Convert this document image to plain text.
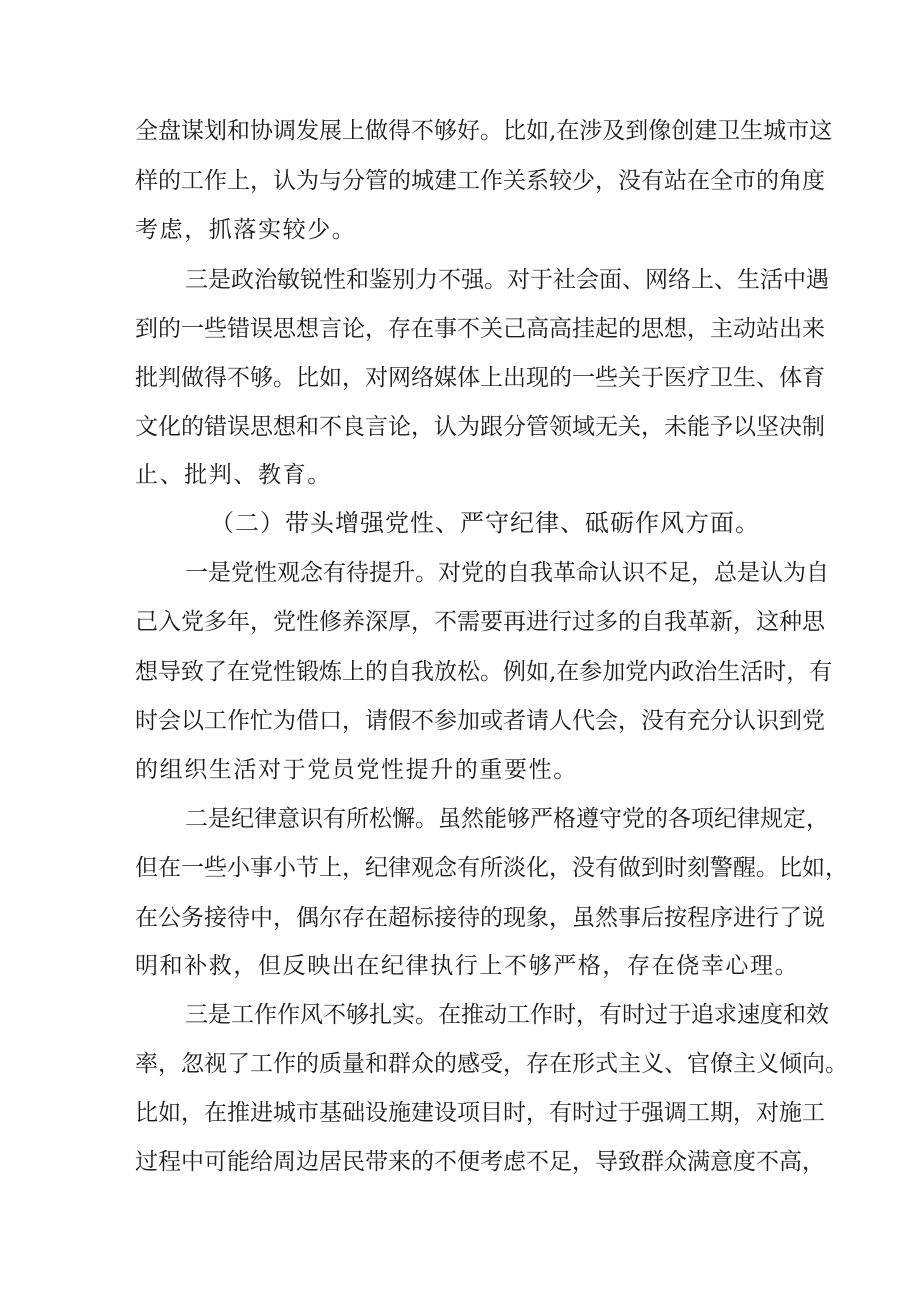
全盘谋划和协调发展上做得不够好。比如,在涉及到像创建卫生城市这
样的工作上，认为与分管的城建工作关系较少，没有站在全市的角度
考虑，抓落实较少。
三是政治敏锐性和鉴别力不强。对于社会面、网络上、生活中遇
到的一些错误思想言论，存在事不关己高高挂起的思想，主动站出来
批判做得不够。比如，对网络媒体上出现的一些关于医疗卫生、体育
文化的错误思想和不良言论，认为跟分管领域无关，未能予以坚决制
止、批判、教育。
（二）带头增强党性、严守纪律、砥砺作风方面。
一是党性观念有待提升。对党的自我革命认识不足，总是认为自
己入党多年，党性修养深厚，不需要再进行过多的自我革新，这种思
想导致了在党性锻炼上的自我放松。例如,在参加党内政治生活时，有
时会以工作忙为借口，请假不参加或者请人代会，没有充分认识到党
的组织生活对于党员党性提升的重要性。
二是纪律意识有所松懈。虽然能够严格遵守党的各项纪律规定，
但在一些小事小节上，纪律观念有所淡化，没有做到时刻警醒。比如，
在公务接待中，偶尔存在超标接待的现象，虽然事后按程序进行了说
明和补救，但反映出在纪律执行上不够严格，存在侥幸心理。
三是工作作风不够扎实。在推动工作时，有时过于追求速度和效
率，忽视了工作的质量和群众的感受，存在形式主义、官僚主义倾向。
比如，在推进城市基础设施建设项目时，有时过于强调工期，对施工
过程中可能给周边居民带来的不便考虑不足，导致群众满意度不高，
